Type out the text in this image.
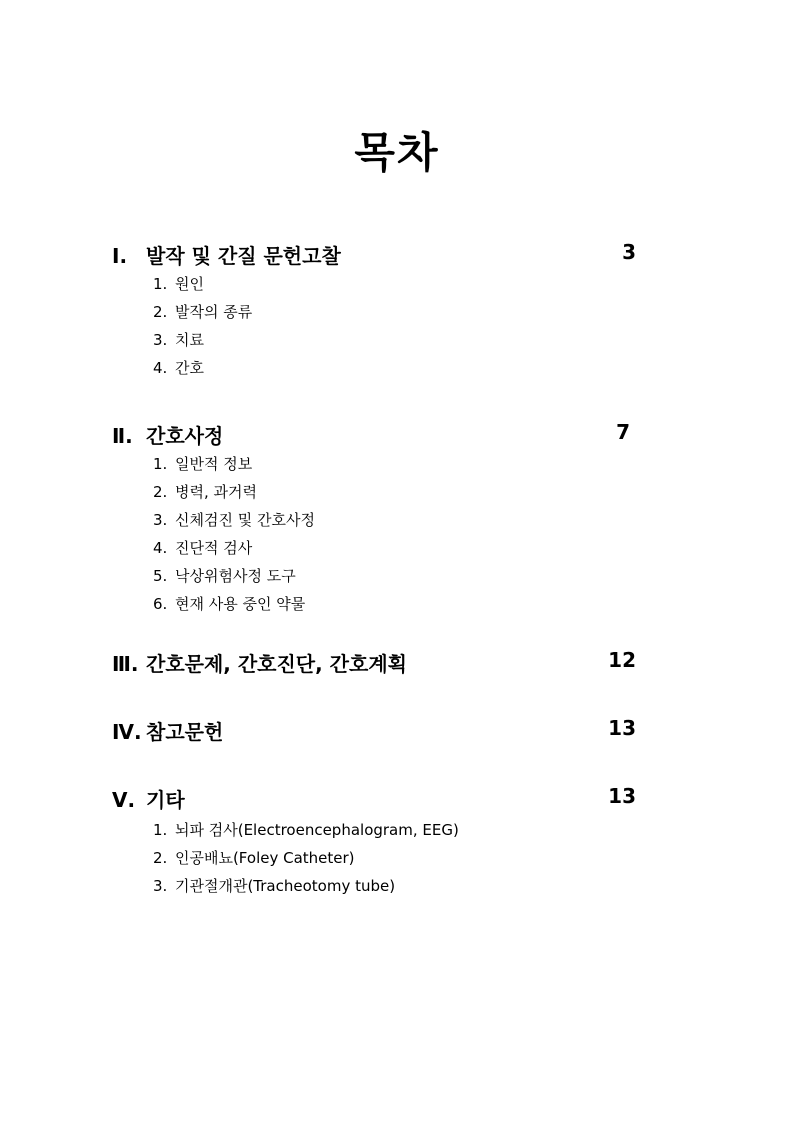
목차
Ⅰ. 발작 및 간질 문헌고찰	3
1. 원인
2. 발작의 종류
3. 치료
4. 간호
Ⅱ. 간호사정	7
1. 일반적 정보
2. 병력, 과거력
3. 신체검진 및 간호사정
4. 진단적 검사
5. 낙상위험사정 도구
6. 현재 사용 중인 약물
Ⅲ. 간호문제, 간호진단, 간호계획	12
Ⅳ. 참고문헌	13
Ⅴ. 기타	13
1. 뇌파 검사(Electroencephalogram, EEG)
2. 인공배뇨(Foley Catheter)
3. 기관절개관(Tracheotomy tube)
